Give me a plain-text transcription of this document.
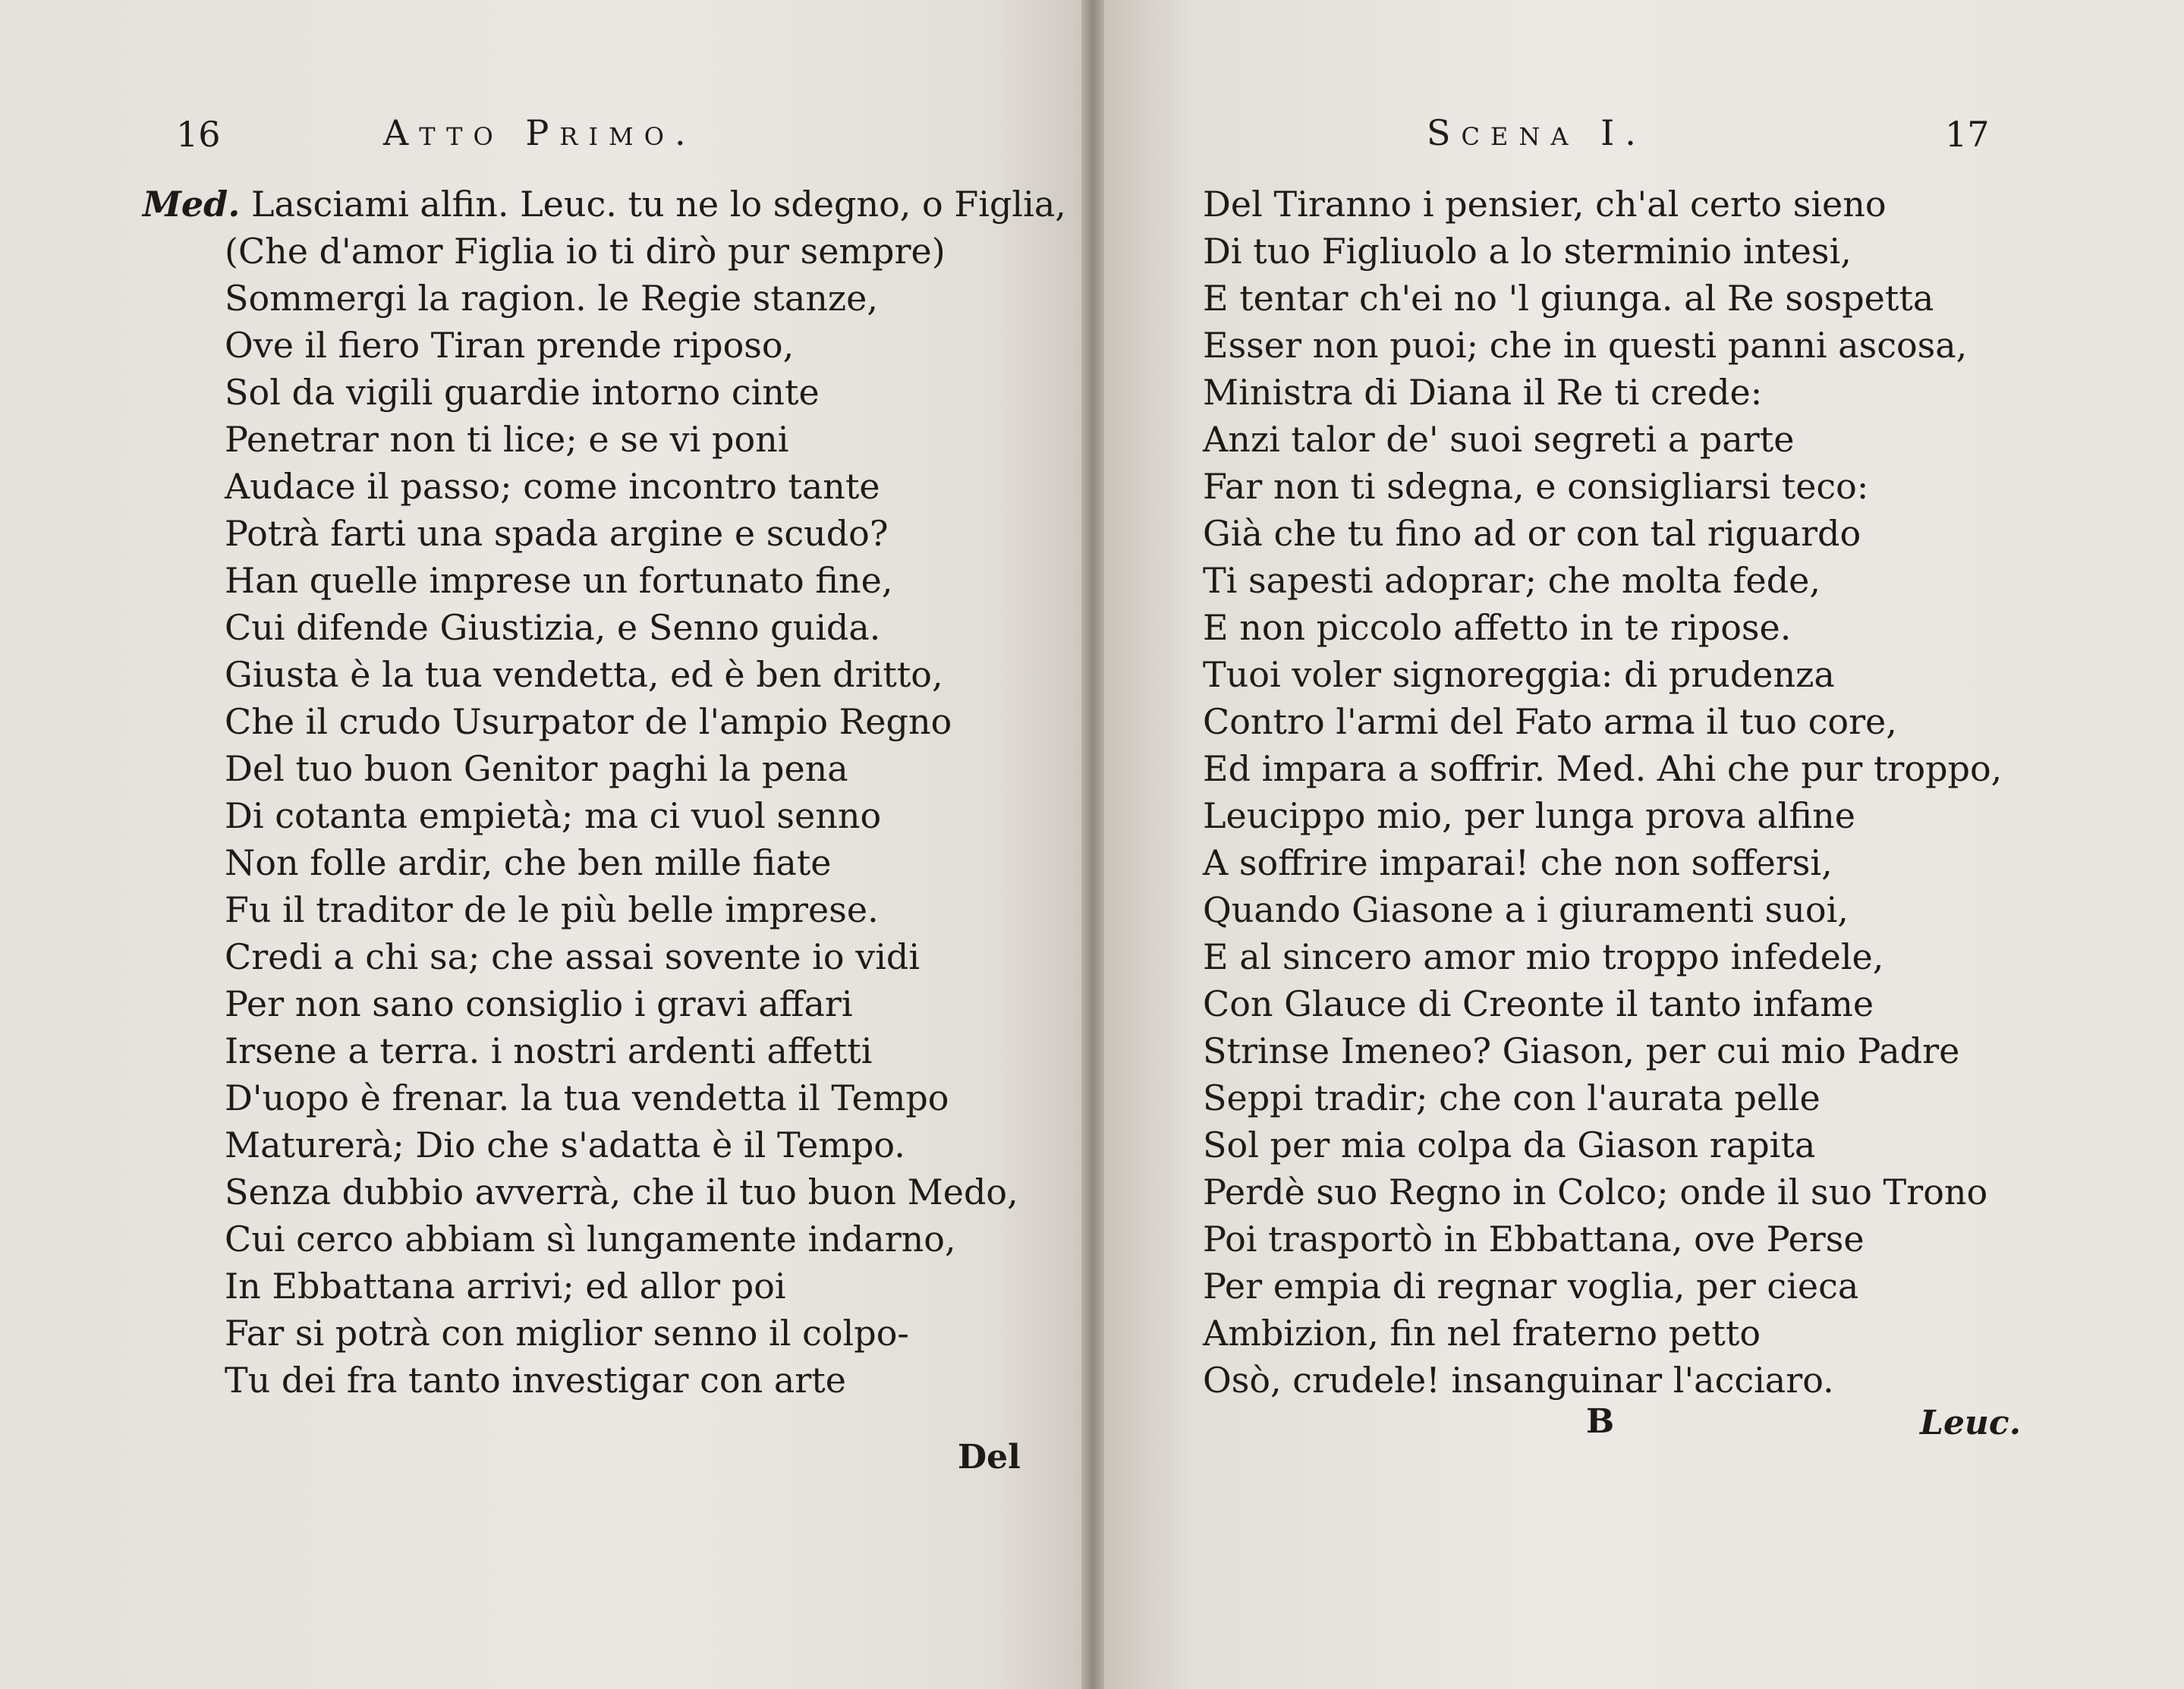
16	Atto Primo.
Med. Lasciami alfin. Leuc. tu ne lo sdegno, o Figlia,
(Che d'amor Figlia io ti dirò pur sempre)
Sommergi la ragion. le Regie stanze,
Ove il fiero Tiran prende riposo,
Sol da vigili guardie intorno cinte
Penetrar non ti lice; e se vi poni
Audace il passo; come incontro tante
Potrà farti una spada argine e scudo?
Han quelle imprese un fortunato fine,
Cui difende Giustizia, e Senno guida.
Giusta è la tua vendetta, ed è ben dritto,
Che il crudo Usurpator de l'ampio Regno
Del tuo buon Genitor paghi la pena
Di cotanta empietà; ma ci vuol senno
Non folle ardir, che ben mille fiate
Fu il traditor de le più belle imprese.
Credi a chi sa; che assai sovente io vidi
Per non sano consiglio i gravi affari
Irsene a terra. i nostri ardenti affetti
D'uopo è frenar. la tua vendetta il Tempo
Maturerà; Dio che s'adatta è il Tempo.
Senza dubbio avverrà, che il tuo buon Medo,
Cui cerco abbiam sì lungamente indarno,
In Ebbattana arrivi; ed allor poi
Far si potrà con miglior senno il colpo-
Tu dei fra tanto investigar con arte
Del
Scena I.	17
Del Tiranno i pensier, ch'al certo sieno
Di tuo Figliuolo a lo sterminio intesi,
E tentar ch'ei no 'l giunga. al Re sospetta
Esser non puoi; che in questi panni ascosa,
Ministra di Diana il Re ti crede:
Anzi talor de' suoi segreti a parte
Far non ti sdegna, e consigliarsi teco:
Già che tu fino ad or con tal riguardo
Ti sapesti adoprar; che molta fede,
E non piccolo affetto in te ripose.
Tuoi voler signoreggia: di prudenza
Contro l'armi del Fato arma il tuo core,
Ed impara a soffrir. Med. Ahi che pur troppo,
Leucippo mio, per lunga prova alfine
A soffrire imparai! che non soffersi,
Quando Giasone a i giuramenti suoi,
E al sincero amor mio troppo infedele,
Con Glauce di Creonte il tanto infame
Strinse Imeneo? Giason, per cui mio Padre
Seppi tradir; che con l'aurata pelle
Sol per mia colpa da Giason rapita
Perdè suo Regno in Colco; onde il suo Trono
Poi trasportò in Ebbattana, ove Perse
Per empia di regnar voglia, per cieca
Ambizion, fin nel fraterno petto
Osò, crudele! insanguinar l'acciaro.
B	Leuc.
